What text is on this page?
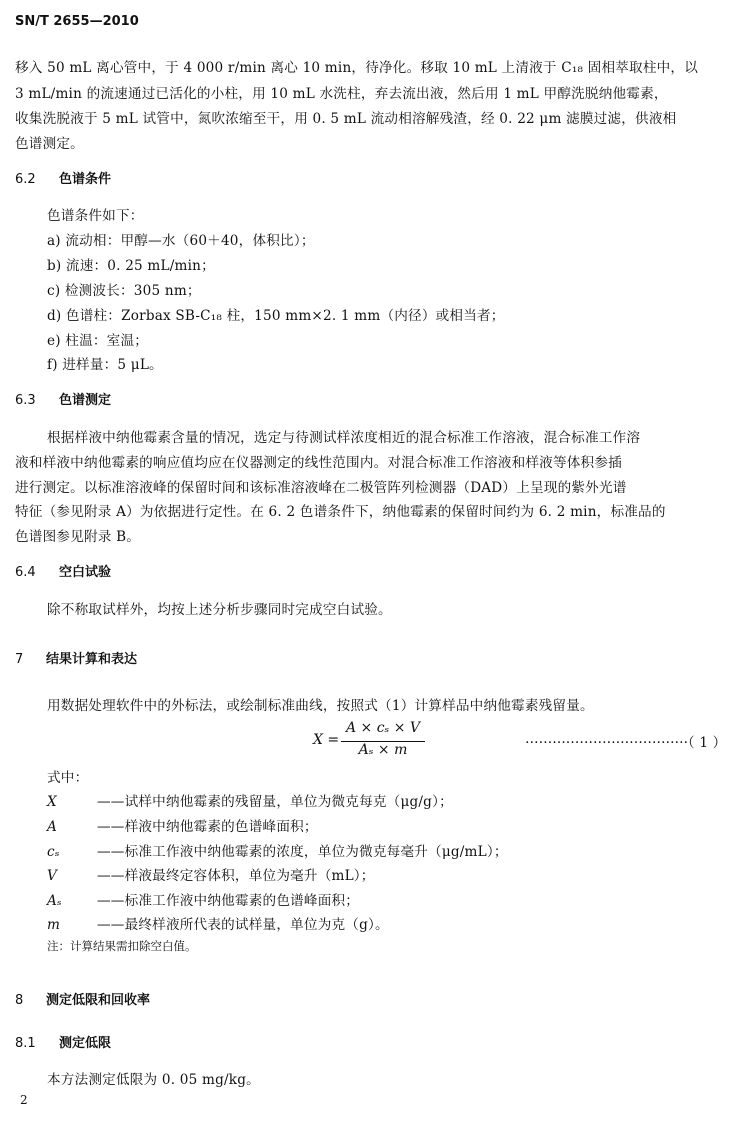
SN/T 2655—2010
移入 50 mL 离心管中，于 4 000 r/min 离心 10 min，待净化。移取 10 mL 上清液于 C₁₈ 固相萃取柱中，以
3 mL/min 的流速通过已活化的小柱，用 10 mL 水洗柱，弃去流出液，然后用 1 mL 甲醇洗脱纳他霉素，
收集洗脱液于 5 mL 试管中，氮吹浓缩至干，用 0. 5 mL 流动相溶解残渣，经 0. 22 μm 滤膜过滤，供液相
色谱测定。
6.2 色谱条件
色谱条件如下：
a) 流动相：甲醇—水（60＋40，体积比）；
b) 流速：0. 25 mL/min；
c) 检测波长：305 nm；
d) 色谱柱：Zorbax SB-C₁₈ 柱，150 mm×2. 1 mm（内径）或相当者；
e) 柱温：室温；
f) 进样量：5 μL。
6.3 色谱测定
根据样液中纳他霉素含量的情况，选定与待测试样浓度相近的混合标准工作溶液，混合标准工作溶
液和样液中纳他霉素的响应值均应在仪器测定的线性范围内。对混合标准工作溶液和样液等体积参插
进行测定。以标准溶液峰的保留时间和该标准溶液峰在二极管阵列检测器（DAD）上呈现的紫外光谱
特征（参见附录 A）为依据进行定性。在 6. 2 色谱条件下，纳他霉素的保留时间约为 6. 2 min，标准品的
色谱图参见附录 B。
6.4 空白试验
除不称取试样外，均按上述分析步骤同时完成空白试验。
7 结果计算和表达
用数据处理软件中的外标法，或绘制标准曲线，按照式（1）计算样品中纳他霉素残留量。
X =
A × cₛ × V
Aₛ × m
………………………………
（ 1 ）
式中：
X	——试样中纳他霉素的残留量，单位为微克每克（μg/g）；
A	——样液中纳他霉素的色谱峰面积；
cₛ	——标准工作液中纳他霉素的浓度，单位为微克每毫升（μg/mL）；
V	——样液最终定容体积，单位为毫升（mL）；
Aₛ	——标准工作液中纳他霉素的色谱峰面积；
m	——最终样液所代表的试样量，单位为克（g）。
注：计算结果需扣除空白值。
8 测定低限和回收率
8.1 测定低限
本方法测定低限为 0. 05 mg/kg。
2
